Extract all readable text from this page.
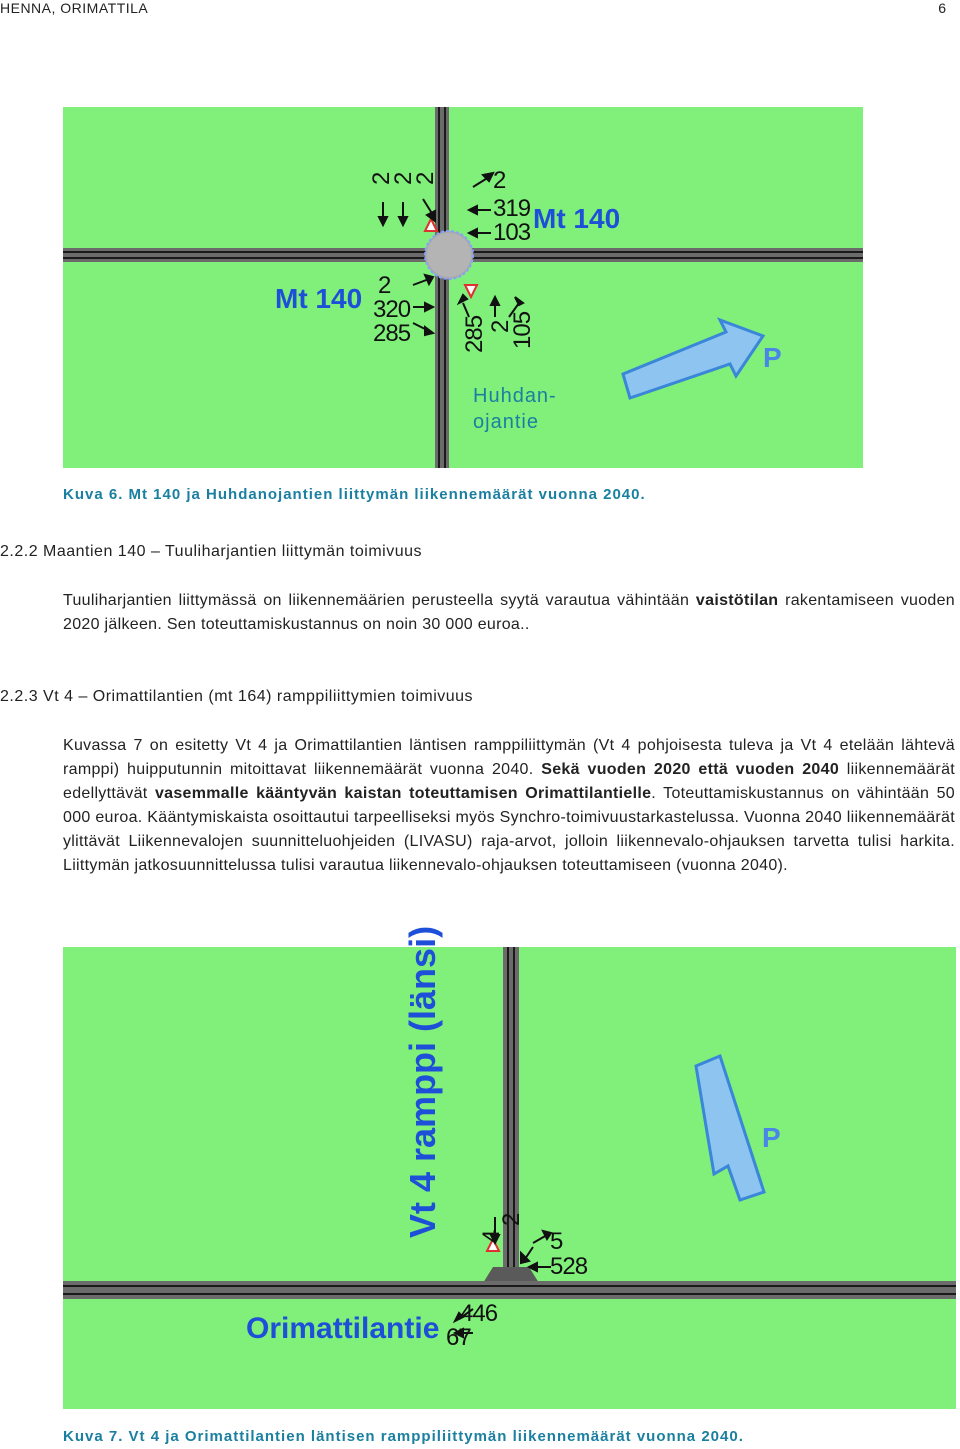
HENNA, ORIMATTILA	6
2
2
2 2
319
103 Mt 140
Mt 140 2
320
285 285 2
105
Huhdan-
ojantie
P
Kuva 6. Mt 140 ja Huhdanojantien liittymän liikennemäärät vuonna 2040.
2.2.2 Maantien 140 – Tuuliharjantien liittymän toimivuus
Tuuliharjantien liittymässä on liikennemäärien perusteella syytä varautua vähintään vaistötilan rakentamiseen vuoden 2020 jälkeen. Sen toteuttamiskustannus on noin 30 000 euroa..
2.2.3 Vt 4 – Orimattilantien (mt 164) ramppiliittymien toimivuus
Kuvassa 7 on esitetty Vt 4 ja Orimattilantien läntisen ramppiliittymän (Vt 4 pohjoisesta tuleva ja Vt 4 etelään lähtevä ramppi) huipputunnin mitoittavat liikennemäärät vuonna 2040. Sekä vuoden 2020 että vuoden 2040 liikennemäärät edellyttävät vasemmalle kääntyvän kaistan toteuttamisen Orimattilantielle. Toteuttamiskustannus on vähintään 50 000 euroa. Kääntymiskaista osoittautui tarpeelliseksi myös Synchro-toimivuustarkastelussa. Vuonna 2040 liikennemäärät ylittävät Liikennevalojen suunnitteluohjeiden (LIVASU) raja-arvot, jolloin liikennevalo-ohjauksen tarvetta tulisi harkita. Liittymän jatkosuunnittelussa tulisi varautua liikennevalo-ohjauksen toteuttamiseen (vuonna 2040).
Vt 4 ramppi (länsi) 4
2
5
528
446
67
Orimattilantie
P
Kuva 7. Vt 4 ja Orimattilantien läntisen ramppiliittymän liikennemäärät vuonna 2040.
